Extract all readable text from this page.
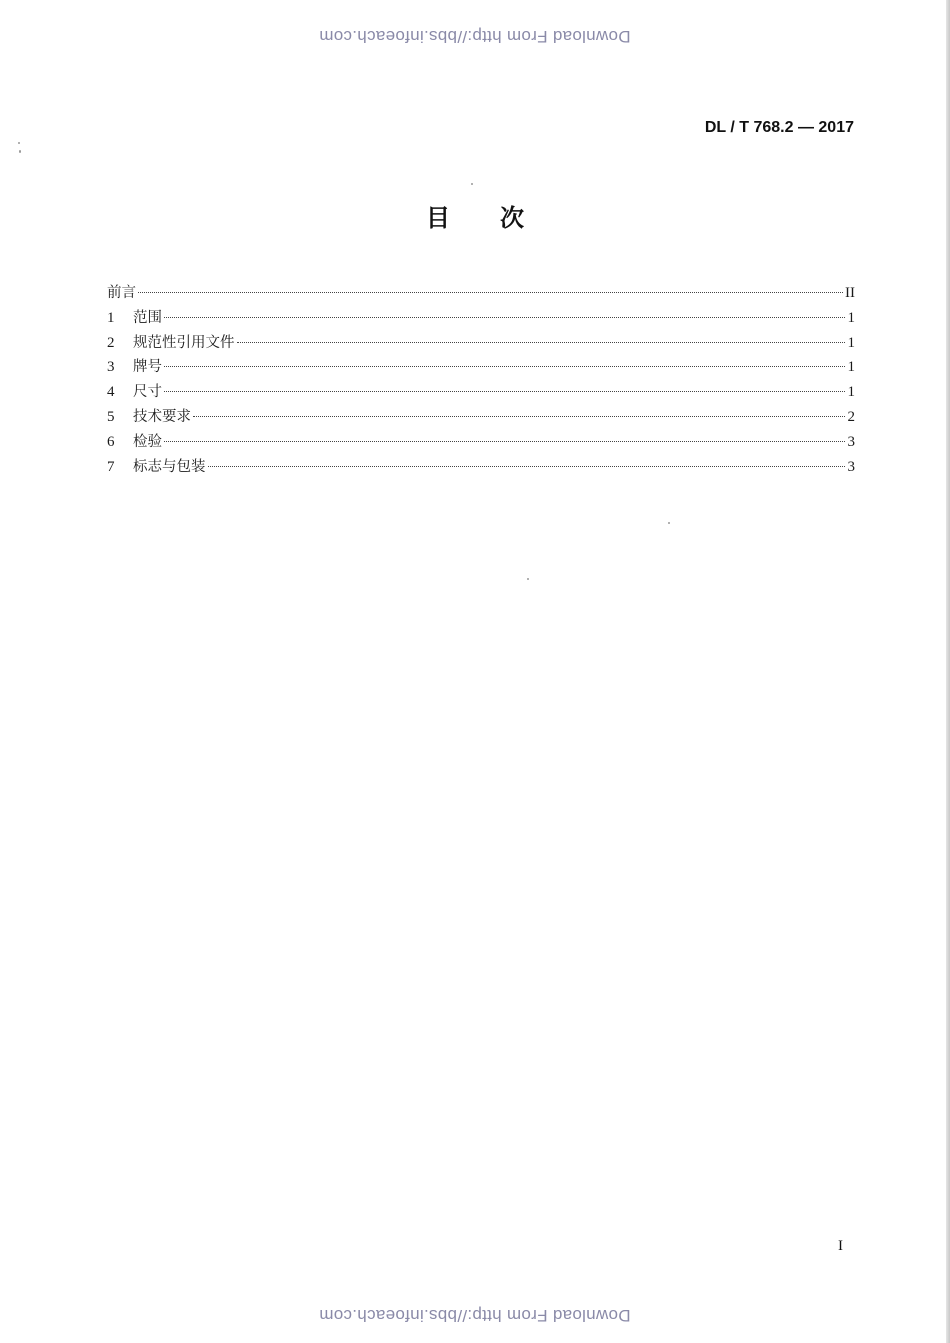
Download From http://bbs.infoeach.com
DL / T 768.2 — 2017
目次
前言	II
1	范围	1
2	规范性引用文件	1
3	牌号	1
4	尺寸	1
5	技术要求	2
6	检验	3
7	标志与包装	3
I
Download From http://bbs.infoeach.com
